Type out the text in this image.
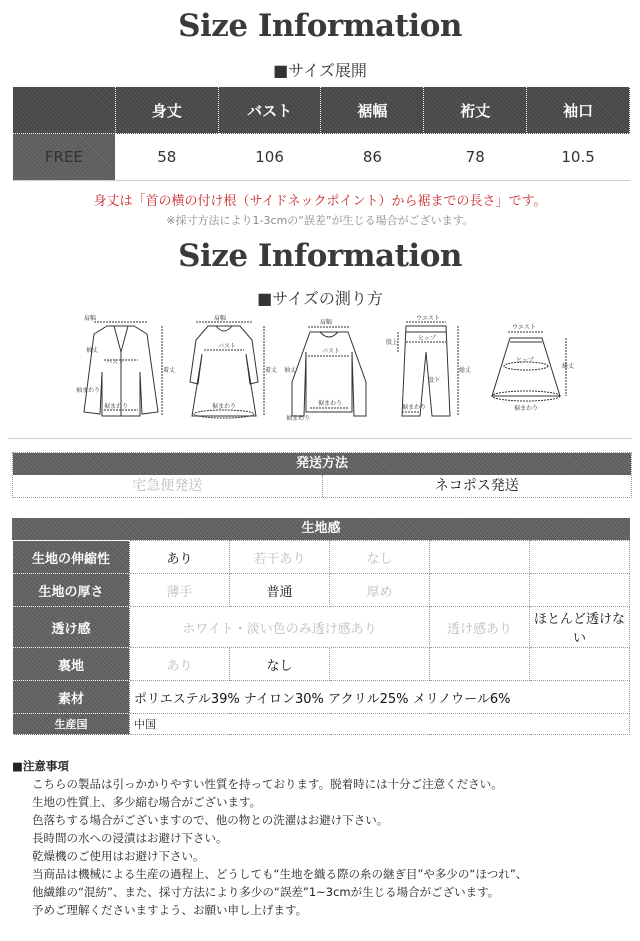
Size Information
■サイズ展開
	身丈	バスト	裾幅	裄丈	袖口
FREE	58	106	86	78	10.5
身丈は「首の横の付け根（サイドネックポイント）から裾までの長さ」です。
※採寸方法により1-3cmの“誤差”が生じる場合がございます。
Size Information
■サイズの測り方
肩幅
着丈
バスト
袖丈
袖まわり
裾まわり
肩幅
着丈
バスト
裾まわり
肩幅
袖丈
バスト
裾まわり
袖まわり
ウエスト
ヒップ
股上
股下
総丈
裾まわり
ウエスト
ヒップ
総丈
裾まわり
発送方法
宅急便発送	ネコポス発送
生地感
生地の伸縮性	あり	若干あり	なし		
生地の厚さ	薄手	普通	厚め		
透け感	ホワイト・淡い色のみ透け感あり			透け感あり	ほとんど透けない
裏地	あり	なし			
素材	ポリエステル39% ナイロン30% アクリル25% メリノウール6%				
生産国	中国				
■注意事項
こちらの製品は引っかかりやすい性質を持っております。脱着時には十分ご注意ください。
生地の性質上、多少縮む場合がございます。
色落ちする場合がございますので、他の物との洗濯はお避け下さい。
長時間の水への浸漬はお避け下さい。
乾燥機のご使用はお避け下さい。
当商品は機械による生産の過程上、どうしても“生地を織る際の糸の継ぎ目”や多少の“ほつれ”、
他繊維の“混紡”、また、採寸方法により多少の“誤差”1~3cmが生じる場合がございます。
予めご理解くださいますよう、お願い申し上げます。
